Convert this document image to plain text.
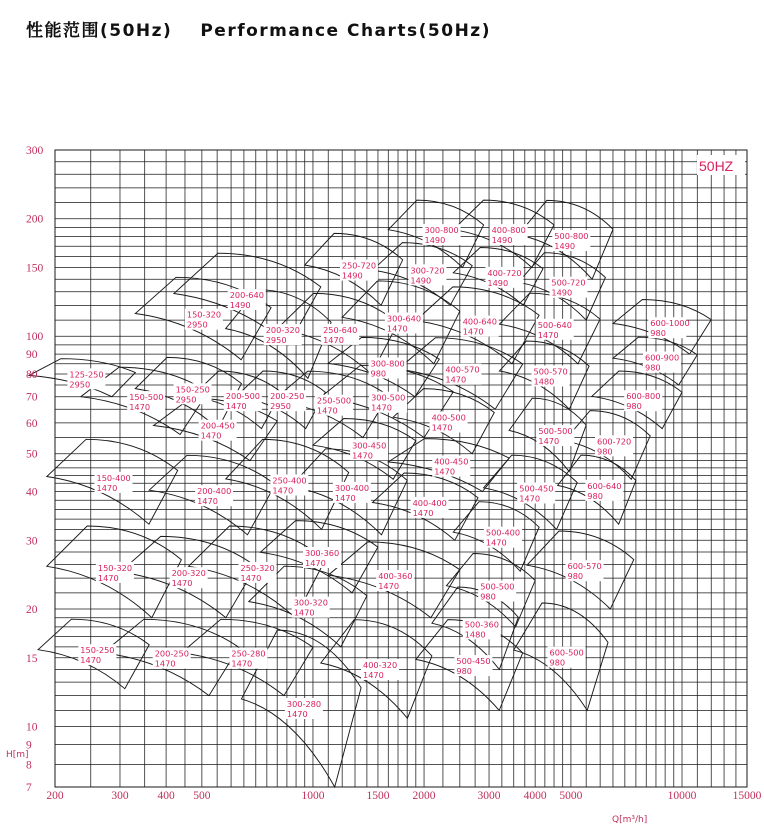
性能范围(50Hz) Performance Charts(50Hz)
125-250
2950
150-500
1470
150-400
1470
150-320
1470
150-250
1470
150-320
2950
150-250
2950
200-640
1490
200-500
1470
200-450
1470
200-400
1470
200-320
1470
200-250
1470
200-320
2950
200-250
2950
250-720
1490
250-640
1470
250-500
1470
250-400
1470
250-320
1470
250-280
1470
300-800
1490
300-720
1490
300-640
1470
300-800
980
300-500
1470
300-450
1470
300-400
1470
300-360
1470
300-320
1470
300-280
1470
400-800
1490
400-720
1490
400-640
1470
400-570
1470
400-500
1470
400-450
1470
400-400
1470
400-360
1470
400-320
1470
500-800
1490
500-720
1490
500-640
1470
500-570
1480
500-500
1470
500-450
1470
500-400
1470
500-500
980
500-360
1480
500-450
980
600-1000
980
600-900
980
600-800
980
600-720
980
600-640
980
600-570
980
600-500
980
300
200
150
100
90
80
70
60
50
40
30
20
15
10
9
8
7
200	300	400 500	1000	1500 2000	3000 4000 5000	10000	15000
H[m]
Q[m³/h]
50HZ
